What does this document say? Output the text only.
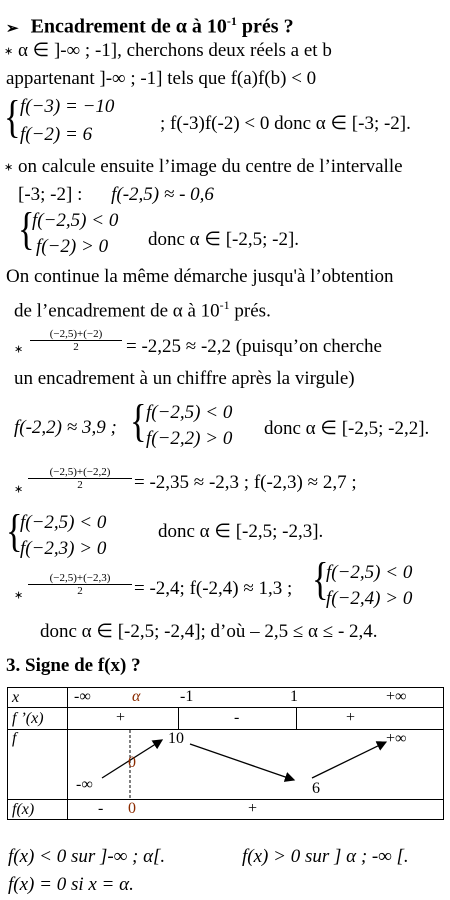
➢ Encadrement de α à $10^{-1}$ prés ?
∗ α ∈ ]-∞ ; -1], cherchons deux réels a et b
appartenant ]-∞ ; -1] tels que f(a)f(b) < 0
{ f(−3) = −10
f(−2) = 6
; f(-3)f(-2) < 0 donc α ∈ [-3; -2].
∗ on calcule ensuite l’image du centre de l’intervalle
[-3; -2] : f(-2,5) ≈ - 0,6
{
f(−2,5) < 0
f(−2) > 0 donc α ∈ [-2,5; -2].
On continue la même démarche jusqu'à l’obtention
de l’encadrement de α à $10^{-1}$ prés.
∗ $\frac{(-2,5)+(-2)}{2} = -2,25 \approx -2,2$ (puisqu’on cherche
un encadrement à un chiffre après la virgule)
f(-2,2) ≈ 3,9 ; { f(−2,5) < 0
f(−2,2) > 0 donc α ∈ [-2,5; -2,2].
∗ $\frac{(-2,5)+(-2,2)}{2} = -2,35 \approx -2,3$ ; f(-2,3) ≈ 2,7 ;
{
f(−2,5) < 0
f(−2,3) > 0
donc α ∈ [-2,5; -2,3].
∗ $\frac{(-2,5)+(-2,3)}{2} = -2,4$; f(-2,4) ≈ 1,3 ; {
f(−2,5) < 0
f(−2,4) > 0
donc α ∈ [-2,5; -2,4]; d’où – 2,5 ≤ α ≤ - 2,4.
3. Signe de f(x) ?
x	-∞ α -1 1 +∞

f ’(x)	+ - +

f	-∞
0
10
6
+∞

f(x)	- 0 +
f(x) < 0 sur ]-∞ ; α[.	f(x) > 0 sur ] α ; -∞ [.
f(x) = 0 si x = α.
